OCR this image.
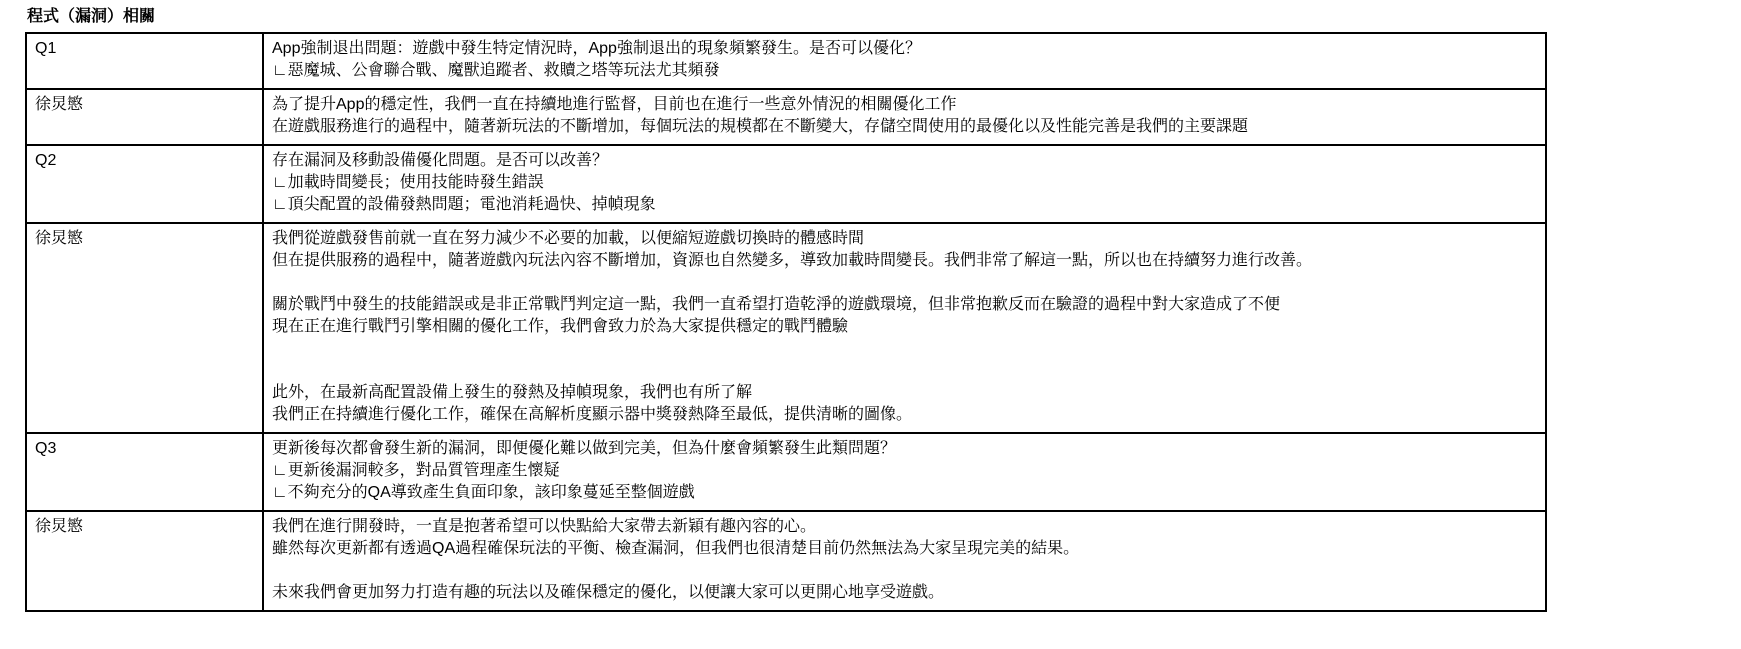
程式（漏洞）相關
Q1	App強制退出問題：遊戲中發生特定情況時，App強制退出的現象頻繁發生。是否可以優化？
∟惡魔城、公會聯合戰、魔獸追蹤者、救贖之塔等玩法尤其頻發

徐炅慜	為了提升App的穩定性，我們一直在持續地進行監督，目前也在進行一些意外情況的相關優化工作
在遊戲服務進行的過程中，隨著新玩法的不斷增加，每個玩法的規模都在不斷變大，存儲空間使用的最優化以及性能完善是我們的主要課題

Q2	存在漏洞及移動設備優化問題。是否可以改善？
∟加載時間變長；使用技能時發生錯誤
∟頂尖配置的設備發熱問題；電池消耗過快、掉幀現象

徐炅慜	我們從遊戲發售前就一直在努力減少不必要的加載，以便縮短遊戲切換時的體感時間
但在提供服務的過程中，隨著遊戲內玩法內容不斷增加，資源也自然變多，導致加載時間變長。我們非常了解這一點，所以也在持續努力進行改善。
關於戰鬥中發生的技能錯誤或是非正常戰鬥判定這一點，我們一直希望打造乾淨的遊戲環境，但非常抱歉反而在驗證的過程中對大家造成了不便
現在正在進行戰鬥引擎相關的優化工作，我們會致力於為大家提供穩定的戰鬥體驗
此外，在最新高配置設備上發生的發熱及掉幀現象，我們也有所了解
我們正在持續進行優化工作，確保在高解析度顯示器中獎發熱降至最低，提供清晰的圖像。

Q3	更新後每次都會發生新的漏洞，即便優化難以做到完美，但為什麼會頻繁發生此類問題？
∟更新後漏洞較多，對品質管理產生懷疑
∟不夠充分的QA導致產生負面印象，該印象蔓延至整個遊戲

徐炅慜	我們在進行開發時，一直是抱著希望可以快點給大家帶去新穎有趣內容的心。
雖然每次更新都有透過QA過程確保玩法的平衡、檢查漏洞，但我們也很清楚目前仍然無法為大家呈現完美的結果。
未來我們會更加努力打造有趣的玩法以及確保穩定的優化，以便讓大家可以更開心地享受遊戲。
